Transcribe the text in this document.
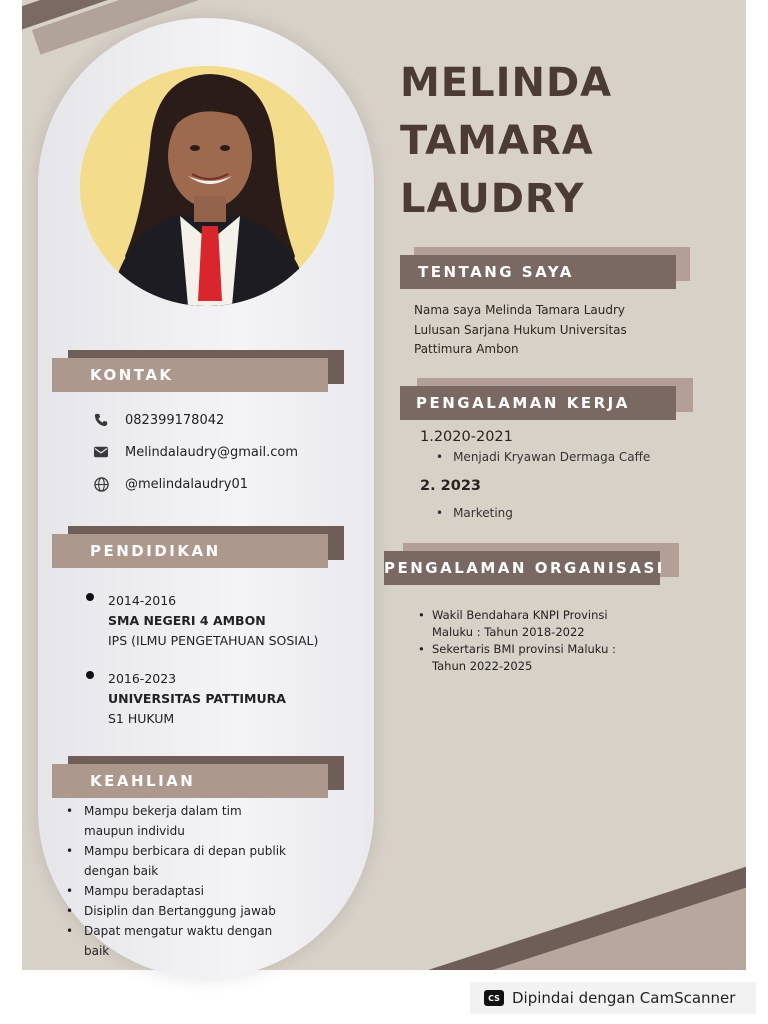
MELINDA
TAMARA
LAUDRY
TENTANG SAYA
Nama saya Melinda Tamara Laudry
Lulusan Sarjana Hukum Universitas
Pattimura Ambon
PENGALAMAN KERJA
1.2020-2021
• Menjadi Kryawan Dermaga Caffe
2. 2023
• Marketing
PENGALAMAN ORGANISASI
• Wakil Bendahara KNPI Provinsi
Maluku : Tahun 2018-2022
• Sekertaris BMI provinsi Maluku :
Tahun 2022-2025
KONTAK
082399178042
Melindalaudry@gmail.com
@melindalaudry01
PENDIDIKAN
2014-2016
SMA NEGERI 4 AMBON
IPS (ILMU PENGETAHUAN SOSIAL)
2016-2023
UNIVERSITAS PATTIMURA
S1 HUKUM
KEAHLIAN
• Mampu bekerja dalam tim
maupun individu
• Mampu berbicara di depan publik
dengan baik
• Mampu beradaptasi
• Disiplin dan Bertanggung jawab
• Dapat mengatur waktu dengan
baik
CS Dipindai dengan CamScanner
